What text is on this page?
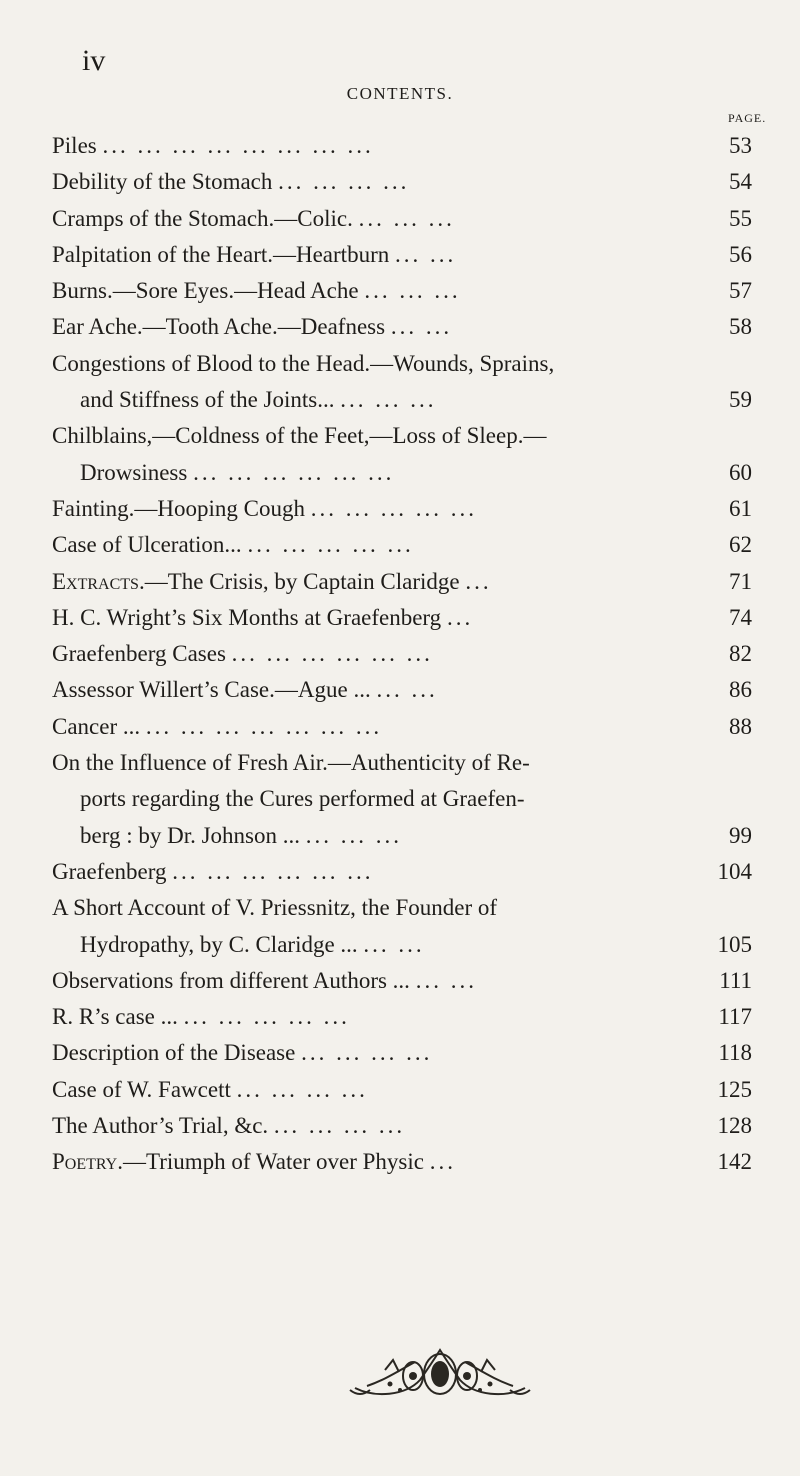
iv
CONTENTS.
PAGE.
Piles ... ... ... ... ... ... ... ...	53
Debility of the Stomach ... ... ... ...	54
Cramps of the Stomach.—Colic. ... ... ...	55
Palpitation of the Heart.—Heartburn ... ...	56
Burns.—Sore Eyes.—Head Ache ... ... ...	57
Ear Ache.—Tooth Ache.—Deafness ... ...	58
Congestions of Blood to the Head.—Wounds, Sprains,
and Stiffness of the Joints... ... ... ...	59
Chilblains,—Coldness of the Feet,—Loss of Sleep.—
Drowsiness ... ... ... ... ... ...	60
Fainting.—Hooping Cough ... ... ... ... ...	61
Case of Ulceration... ... ... ... ... ...	62
Extracts.—The Crisis, by Captain Claridge ...	71
H. C. Wright’s Six Months at Graefenberg ...	74
Graefenberg Cases ... ... ... ... ... ...	82
Assessor Willert’s Case.—Ague ... ... ...	86
Cancer ... ... ... ... ... ... ... ...	88
On the Influence of Fresh Air.—Authenticity of Re-
ports regarding the Cures performed at Graefen-
berg : by Dr. Johnson ... ... ... ...	99
Graefenberg ... ... ... ... ... ...	104
A Short Account of V. Priessnitz, the Founder of
Hydropathy, by C. Claridge ... ... ...	105
Observations from different Authors ... ... ...	111
R. R’s case ... ... ... ... ... ...	117
Description of the Disease ... ... ... ...	118
Case of W. Fawcett ... ... ... ...	125
The Author’s Trial, &c. ... ... ... ...	128
Poetry.—Triumph of Water over Physic ...	142
